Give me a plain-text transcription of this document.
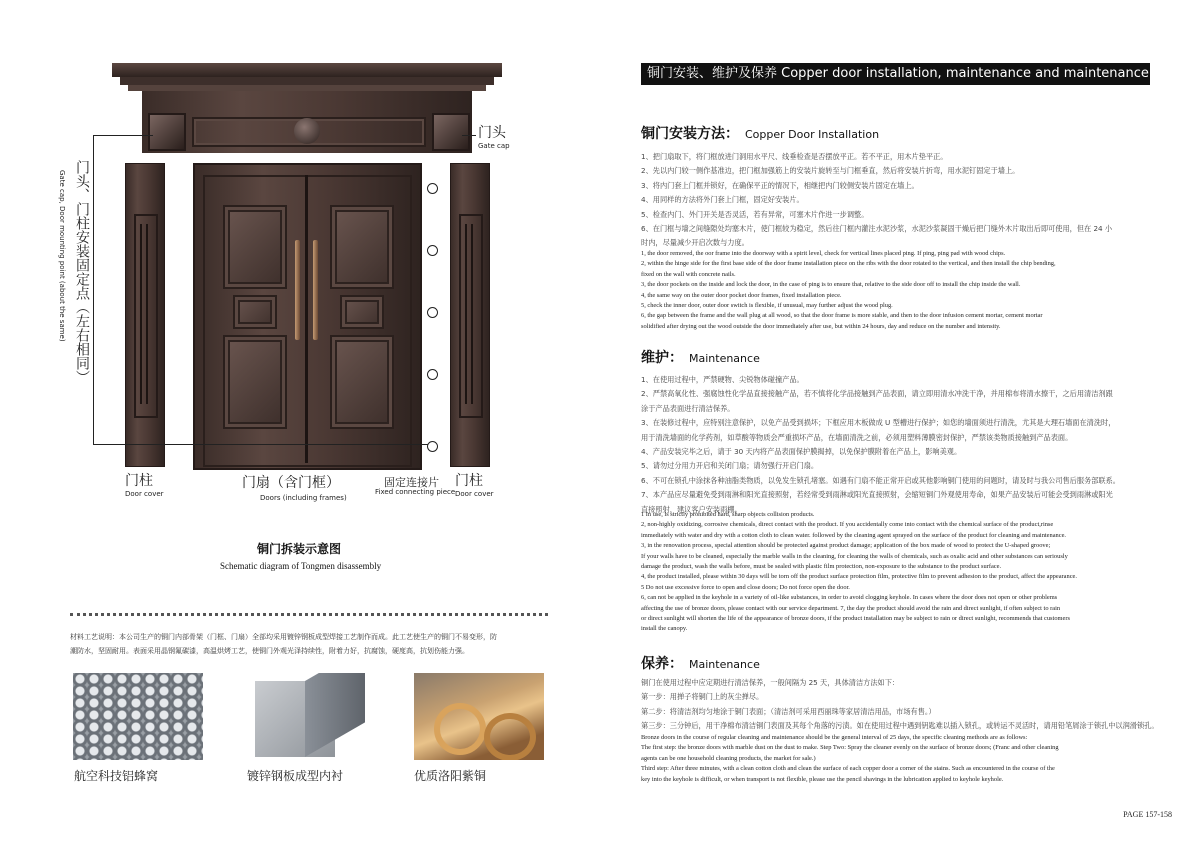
门头
Gate cap
门头、门柱安装固定点（左右相同）
Gate cap, Door mounting point (about the same)
门柱
Door cover
门扇（含门框）
Doors (including frames)
固定连接片
Fixed connecting piece
门柱
Door cover
铜门拆装示意图
Schematic diagram of Tongmen disassembly
材料工艺说明：本公司生产的铜门内部骨架（门框、门扇）全部均采用镀锌钢板成型焊接工艺制作而成。此工艺使生产的铜门不易变形，防
潮防水，坚固耐用。表面采用晶钢氟碳漆，高温烘烤工艺，使铜门外观光泽持续性，附着力好，抗腐蚀，硬度高，抗划伤能力强。
航空科技铝蜂窝	镀锌钢板成型内衬	优质洛阳紫铜
铜门安装、维护及保养 Copper door installation, maintenance and maintenance
铜门安装方法： Copper Door Installation
1、把门扇取下，将门框放进门洞用水平尺、线垂检查是否摆放平正。若不平正，用木片垫平正。
2、先以内门较一侧作基准边，把门框加强筋上的安装片旋转至与门框垂直，然后将安装片折弯，用水泥钉固定于墙上。
3、将内门套上门框并锁好，在确保平正的情况下，相继把内门较侧安装片固定在墙上。
4、用同样的方法将外门套上门框，固定好安装片。
5、检查内门、外门开关是否灵活，若有异常，可塞木片作进一步调整。
6、在门框与墙之间缝隙处均塞木片，使门框较为稳定，然后往门框内灌注水泥沙浆，水泥沙浆凝固干燥后把门缝外木片取出后即可使用，但在 24 小
时内，尽量减少开启次数与力度。
1, the door removed, the oor frame into the doorway with a spirit level, check for vertical lines placed ping. If ping, ping pad with wood chips.
2, within the hinge side for the first base side of the door frame installation piece on the ribs with the door rotated to the vertical, and then install the chip bending,
fixed on the wall with concrete nails.
3, the door pockets on the inside and lock the door, in the case of ping is to ensure that, relative to the side door off to install the chip inside the wall.
4, the same way on the outer door pocket door frames, fixed installation piece.
5, check the inner door, outer door switch is flexible, if unusual, may further adjust the wood plug.
6, the gap between the frame and the wall plug at all wood, so that the door frame is more stable, and then to the door infusion cement mortar, cement mortar
solidified after drying out the wood outside the door immediately after use, but within 24 hours, day and reduce on the number and intensity.
维护： Maintenance
1、在使用过程中，严禁硬物、尖锐物体碰撞产品。
2、严禁高氧化性、强腐蚀性化学品直接接触产品，若不慎将化学品接触到产品表面，请立即用清水冲洗干净，并用棉布将清水擦干，之后用清洁剂跟
涂于产品表面进行清洁保养。
3、在装修过程中，应特别注意保护，以免产品受到损坏；下框应用木板做成 U 型槽进行保护；如您的墙面须进行清洗，尤其是大理石墙面在清洗时，
用于清洗墙面的化学药剂，如草酸等物质会严重损坏产品，在墙面清洗之前，必须用塑料薄膜密封保护，严禁该类物质接触到产品表面。
4、产品安装完毕之后，请于 30 天内将产品表面保护膜揭掉，以免保护膜附着在产品上，影响美观。
5、请勿过分用力开启和关闭门扇；请勿强行开启门扇。
6、不可在锁孔中涂抹各种油脂类物质，以免发生锁孔堵塞。如遇有门扇不能正常开启或其他影响铜门使用的问题时，请及时与我公司售后服务部联系。
7、本产品应尽量避免受到雨淋和阳光直接照射，若经常受到雨淋或阳光直接照射，会缩短铜门外观使用寿命，如果产品安装后可能会受到雨淋或阳光
直接照射，建议客户安装雨棚。
1 In use, is strictly prohibited hard, sharp objects collision products.
2, non-highly oxidizing, corrosive chemicals, direct contact with the product. If you accidentally come into contact with the chemical surface of the product,rinse
immediately with water and dry with a cotton cloth to clean water. followed by the cleaning agent sprayed on the surface of the product for cleaning and maintenance.
3, in the renovation process, special attention should be protected against product damage; application of the box made of wood to protect the U-shaped groove;
If your walls have to be cleaned, especially the marble walls in the cleaning, for cleaning the walls of chemicals, such as oxalic acid and other substances can seriously
damage the product, wash the walls before, must be sealed with plastic film protection, non-exposure to the substance to the product surface.
4, the product installed, please within 30 days will be torn off the product surface protection film, protective film to prevent adhesion to the product, affect the appearance.
5 Do not use excessive force to open and close doors; Do not force open the door.
6, can not be applied in the keyhole in a variety of oil-like substances, in order to avoid clogging keyhole. In cases where the door does not open or other problems
affecting the use of bronze doors, please contact with our service department. 7, the day the product should avoid the rain and direct sunlight, if often subject to rain
or direct sunlight will shorten the life of the appearance of bronze doors, if the product installation may be subject to rain or direct sunlight, recommends that customers
install the canopy.
保养： Maintenance
铜门在使用过程中应定期进行清洁保养，一般间隔为 25 天，具体清洁方法如下：
第一步：用掸子将铜门上的灰尘掸尽。
第二步：将清洁剂均匀地涂于铜门表面；（清洁剂可采用西丽珠等家居清洁用品，市场有售。）
第三步：三分钟后，用干净棉布清洁铜门表面及其每个角落的污渍。如在使用过程中遇到钥匙难以插入锁孔，或转运不灵活时，请用铅笔屑涂于锁孔中以润滑锁孔。
Bronze doors in the course of regular cleaning and maintenance should be the general interval of 25 days, the specific cleaning methods are as follows:
The first step: the bronze doors with marble dust on the dust to make. Step Two: Spray the cleaner evenly on the surface of bronze doors; (Franc and other cleaning
agents can be one household cleaning products, the market for sale.)
Third step: After three minutes, with a clean cotton cloth and clean the surface of each copper door a corner of the stains. Such as encountered in the course of the
key into the keyhole is difficult, or when transport is not flexible, please use the pencil shavings in the lubrication applied to keyhole keyhole.
PAGE 157-158
